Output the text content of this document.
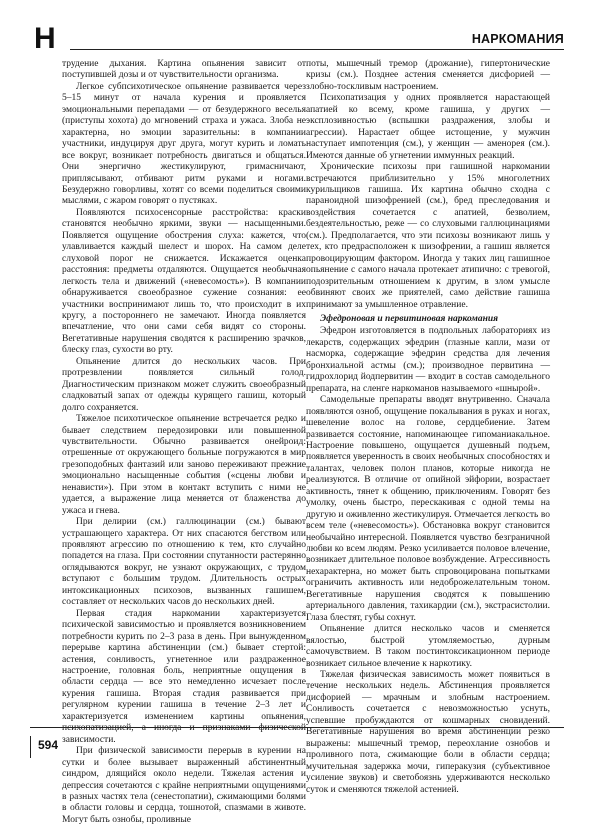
Н	НАРКОМАНИЯ

трудение дыхания. Картина опьянения зависит от поступившей дозы и от чувствительности организма.

Легкое субпсихотическое опьянение развивается через 5–15 минут от начала курения и проявляется эмоциональными перепадами — от безудержного веселья (приступы хохота) до мгновений страха и ужаса. Злоба не характерна, но эмоции заразительны: в компании участники, индуцируя друг друга, могут курить и ломать все вокруг, возникает потребность двигаться и общаться. Они энергично жестикулируют, гримасничают, приплясывают, отбивают ритм руками и ногами. Безудержно говорливы, хотят со всеми поделиться своими мыслями, с жаром говорят о пустяках.

Появляются психосенсорные расстройства: краски становятся необычно яркими, звуки — насыщенными. Появляется ощущение обострения слуха: кажется, что улавливается каждый шелест и шорох. На самом деле слуховой порог не снижается. Искажается оценка расстояния: предметы отдаляются. Ощущается необычная легкость тела и движений («невесомость»). В компании обнаруживается своеобразное сужение сознания: ее участники воспринимают лишь то, что происходит в их кругу, а постороннего не замечают. Иногда появляется впечатление, что они сами себя видят со стороны. Вегетативные нарушения сводятся к расширению зрачков, блеску глаз, сухости во рту.

Опьянение длится до нескольких часов. При протрезвлении появляется сильный голод. Диагностическим признаком может служить своеобразный сладковатый запах от одежды курящего гашиш, который долго сохраняется.

Тяжелое психотическое опьянение встречается редко и бывает следствием передозировки или повышенной чувствительности. Обычно развивается онейроид: отрешенные от окружающего больные погружаются в мир грезоподобных фантазий или заново переживают прежние эмоционально насыщенные события («сцены любви и ненависти»). При этом в контакт вступить с ними не удается, а выражение лица меняется от блаженства до ужаса и гнева.

При делирии (см.) галлюцинации (см.) бывают устрашающего характера. От них спасаются бегством или проявляют агрессию по отношению к тем, кто случайно попадется на глаза. При состоянии спутанности растерянно оглядываются вокруг, не узнают окружающих, с трудом вступают с большим трудом. Длительность острых интоксикационных психозов, вызванных гашишем, составляет от нескольких часов до нескольких дней.

Первая стадия наркомании характеризуется психической зависимостью и проявляется возникновением потребности курить по 2–3 раза в день. При вынужденном перерыве картина абстиненции (см.) бывает стертой: астения, сонливость, угнетенное или раздраженное настроение, головная боль, неприятные ощущения в области сердца — все это немедленно исчезает после курения гашиша. Вторая стадия развивается при регулярном курении гашиша в течение 2–3 лет и характеризуется изменением картины опьянения, психопатизацией, а иногда и признаками физической зависимости.

При физической зависимости перерыв в курении на сутки и более вызывает выраженный абстинентный синдром, длящийся около недели. Тяжелая астения и депрессия сочетаются с крайне неприятными ощущениями в разных частях тела (сенестопатии), сжимающими болями в области головы и сердца, тошнотой, спазмами в животе. Могут быть ознобы, проливные

поты, мышечный тремор (дрожание), гипертонические кризы (см.). Позднее астения сменяется дисфорией — злобно-тоскливым настроением.

Психопатизация у одних проявляется нарастающей апатией ко всему, кроме гашиша, у других — эксплозивностью (вспышки раздражения, злобы и агрессии). Нарастает общее истощение, у мужчин наступает импотенция (см.), у женщин — аменорея (см.). Имеются данные об угнетении иммунных реакций.

Хронические психозы при гашишной наркомании встречаются приблизительно у 15% многолетних курильщиков гашиша. Их картина обычно сходна с параноидной шизофренией (см.), бред преследования и воздействия сочетается с апатией, безволием, бездеятельностью, реже — со слуховыми галлюцинациями (см.). Предполагается, что эти психозы возникают лишь у тех, кто предрасположен к шизофрении, а гашиш является провоцирующим фактором. Иногда у таких лиц гашишное опьянение с самого начала протекает атипично: с тревогой, подозрительным отношением к другим, в злом умысле обвиняют своих же приятелей, само действие гашиша принимают за умышленное отравление.

Эфедроновая и первитиновая наркомания

Эфедрон изготовляется в подпольных лабораториях из лекарств, содержащих эфедрин (глазные капли, мази от насморка, содержащие эфедрин средства для лечения бронхиальной астмы (см.); производное первитина — гидрохлорид йодпервитин — входит в состав самодельного препарата, на сленге наркоманов называемого «шнырой».

Самодельные препараты вводят внутривенно. Сначала появляются озноб, ощущение покалывания в руках и ногах, шевеление волос на голове, сердцебиение. Затем развивается состояние, напоминающее гипоманиакальное. Настроение повышено, ощущается душевный подъем, появляется уверенность в своих необычных способностях и талантах, человек полон планов, которые никогда не реализуются. В отличие от опийной эйфории, возрастает активность, тянет к общению, приключениям. Говорят без умолку, очень быстро, перескакивая с одной темы на другую и оживленно жестикулируя. Отмечается легкость во всем теле («невесомость»). Обстановка вокруг становится необычайно интересной. Появляется чувство безграничной любви ко всем людям. Резко усиливается половое влечение, возникает длительное половое возбуждение. Агрессивность нехарактерна, но может быть спровоцирована попытками ограничить активность или недоброжелательным тоном. Вегетативные нарушения сводятся к повышению артериального давления, тахикардии (см.), экстрасистолии. Глаза блестят, губы сохнут.

Опьянение длится несколько часов и сменяется вялостью, быстрой утомляемостью, дурным самочувствием. В таком постинтоксикационном периоде возникает сильное влечение к наркотику.

Тяжелая физическая зависимость может появиться в течение нескольких недель. Абстиненция проявляется дисфорией — мрачным и злобным настроением. Сонливость сочетается с невозможностью уснуть, успевшие пробуждаются от кошмарных сновидений. Вегетативные нарушения во время абстиненции резко выражены: мышечный тремор, переохлание ознобов и проливного пота, сжимающие боли в области сердца; мучительная задержка мочи, гиперакузия (субъективное усиление звуков) и светобоязнь удерживаются несколько суток и сменяются тяжелой астенией.

594
